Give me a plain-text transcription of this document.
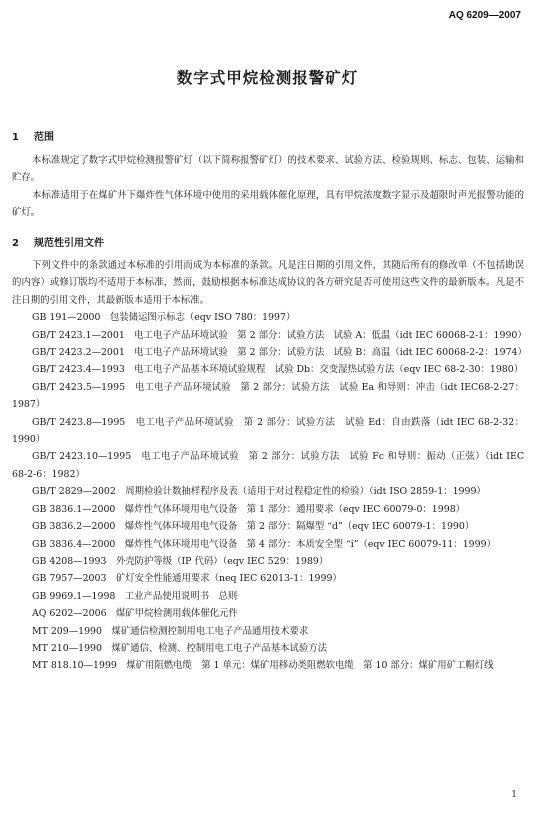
AQ 6209—2007
数字式甲烷检测报警矿灯
1 范围

本标准规定了数字式甲烷检测报警矿灯（以下简称报警矿灯）的技术要求、试验方法、检验规则、标志、包装、运输和贮存。

本标准适用于在煤矿井下爆炸性气体环境中使用的采用载体催化原理，具有甲烷浓度数字显示及超限时声光报警功能的矿灯。

2 规范性引用文件

下列文件中的条款通过本标准的引用而成为本标准的条款。凡是注日期的引用文件，其随后所有的修改单（不包括勘误的内容）或修订版均不适用于本标准，然而，鼓励根据本标准达成协议的各方研究是否可使用这些文件的最新版本。凡是不注日期的引用文件，其最新版本适用于本标准。

GB 191—2000　包装储运图示标志（eqv ISO 780：1997）

GB/T 2423.1—2001　电工电子产品环境试验　第 2 部分：试验方法　试验 A：低温（idt IEC 60068-2-1：1990）

GB/T 2423.2—2001　电工电子产品环境试验　第 2 部分：试验方法　试验 B：高温（idt IEC 60068-2-2：1974）

GB/T 2423.4—1993　电工电子产品基本环境试验规程　试验 Db：交变湿热试验方法（eqv IEC 68-2-30：1980）

GB/T 2423.5—1995　电工电子产品环境试验　第 2 部分：试验方法　试验 Ea 和导则：冲击（idt IEC68-2-27：1987）

GB/T 2423.8—1995　电工电子产品环境试验　第 2 部分：试验方法　试验 Ed：自由跌落（idt IEC 68-2-32：1990）

GB/T 2423.10—1995　电工电子产品环境试验　第 2 部分：试验方法　试验 Fc 和导则：振动（正弦）（idt IEC 68-2-6：1982）

GB/T 2829—2002　周期检验计数抽样程序及表（适用于对过程稳定性的检验）（idt ISO 2859-1：1999）

GB 3836.1—2000　爆炸性气体环境用电气设备　第 1 部分：通用要求（eqv IEC 60079-0：1998）

GB 3836.2—2000　爆炸性气体环境用电气设备　第 2 部分：隔爆型 “d”（eqv IEC 60079-1：1990）

GB 3836.4—2000　爆炸性气体环境用电气设备　第 4 部分：本质安全型 “i”（eqv IEC 60079-11：1999）

GB 4208—1993　外壳防护等级（IP 代码）（eqv IEC 529：1989）

GB 7957—2003　矿灯安全性能通用要求（neq IEC 62013-1：1999）

GB 9969.1—1998　工业产品使用说明书　总则

AQ 6202—2006　煤矿甲烷检测用载体催化元件

MT 209—1990　煤矿通信检测控制用电工电子产品通用技术要求

MT 210—1990　煤矿通信、检测、控制用电工电子产品基本试验方法

MT 818.10—1999　煤矿用阻燃电缆　第 1 单元：煤矿用移动类阻燃软电缆　第 10 部分：煤矿用矿工帽灯线

1
